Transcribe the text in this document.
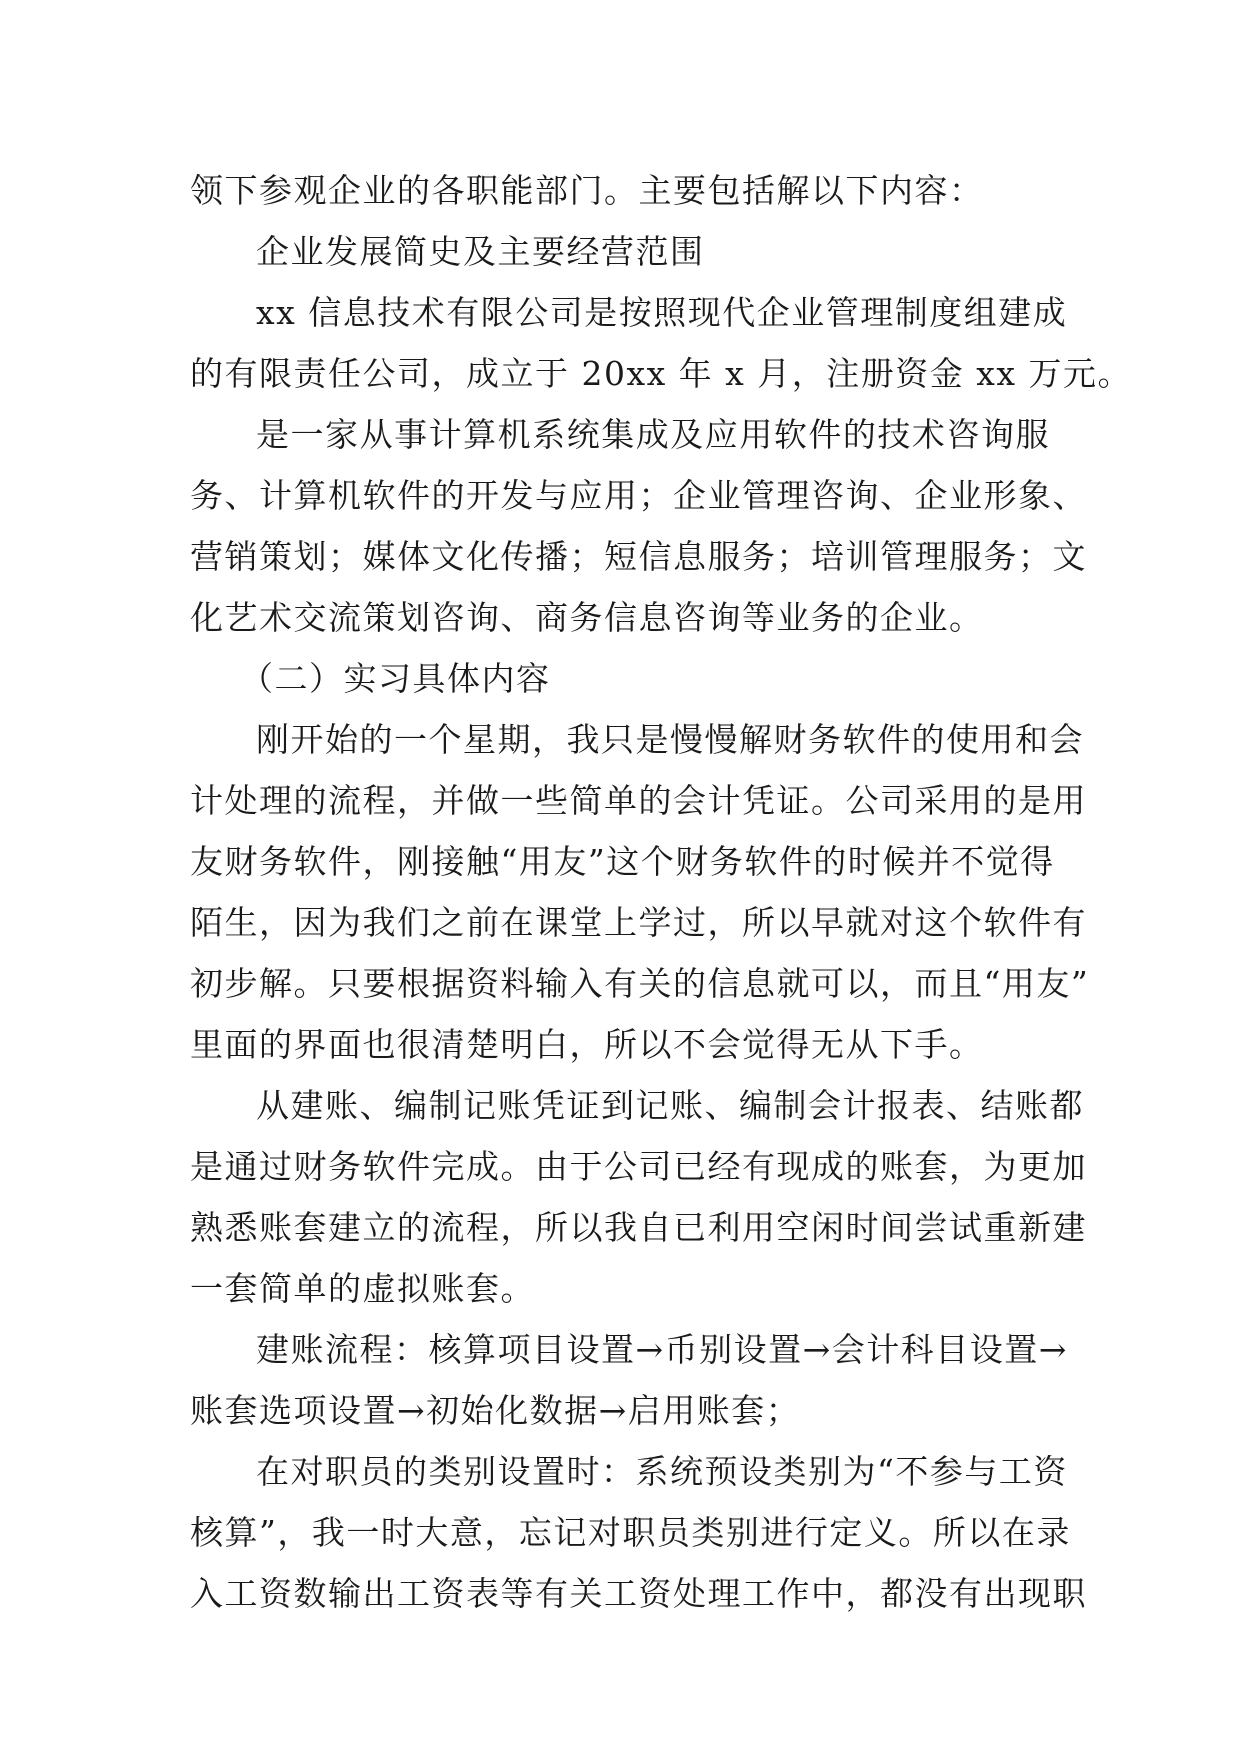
领下参观企业的各职能部门。主要包括解以下内容：
企业发展简史及主要经营范围
xx 信息技术有限公司是按照现代企业管理制度组建成
的有限责任公司，成立于 20xx 年 x 月，注册资金 xx 万元。
是一家从事计算机系统集成及应用软件的技术咨询服
务、计算机软件的开发与应用；企业管理咨询、企业形象、
营销策划；媒体文化传播；短信息服务；培训管理服务；文
化艺术交流策划咨询、商务信息咨询等业务的企业。
（二）实习具体内容
刚开始的一个星期，我只是慢慢解财务软件的使用和会
计处理的流程，并做一些简单的会计凭证。公司采用的是用
友财务软件，刚接触“用友”这个财务软件的时候并不觉得
陌生，因为我们之前在课堂上学过，所以早就对这个软件有
初步解。只要根据资料输入有关的信息就可以，而且“用友”
里面的界面也很清楚明白，所以不会觉得无从下手。
从建账、编制记账凭证到记账、编制会计报表、结账都
是通过财务软件完成。由于公司已经有现成的账套，为更加
熟悉账套建立的流程，所以我自已利用空闲时间尝试重新建
一套简单的虚拟账套。
建账流程：核算项目设置→币别设置→会计科目设置→
账套选项设置→初始化数据→启用账套；
在对职员的类别设置时：系统预设类别为“不参与工资
核算”，我一时大意，忘记对职员类别进行定义。所以在录
入工资数输出工资表等有关工资处理工作中，都没有出现职
